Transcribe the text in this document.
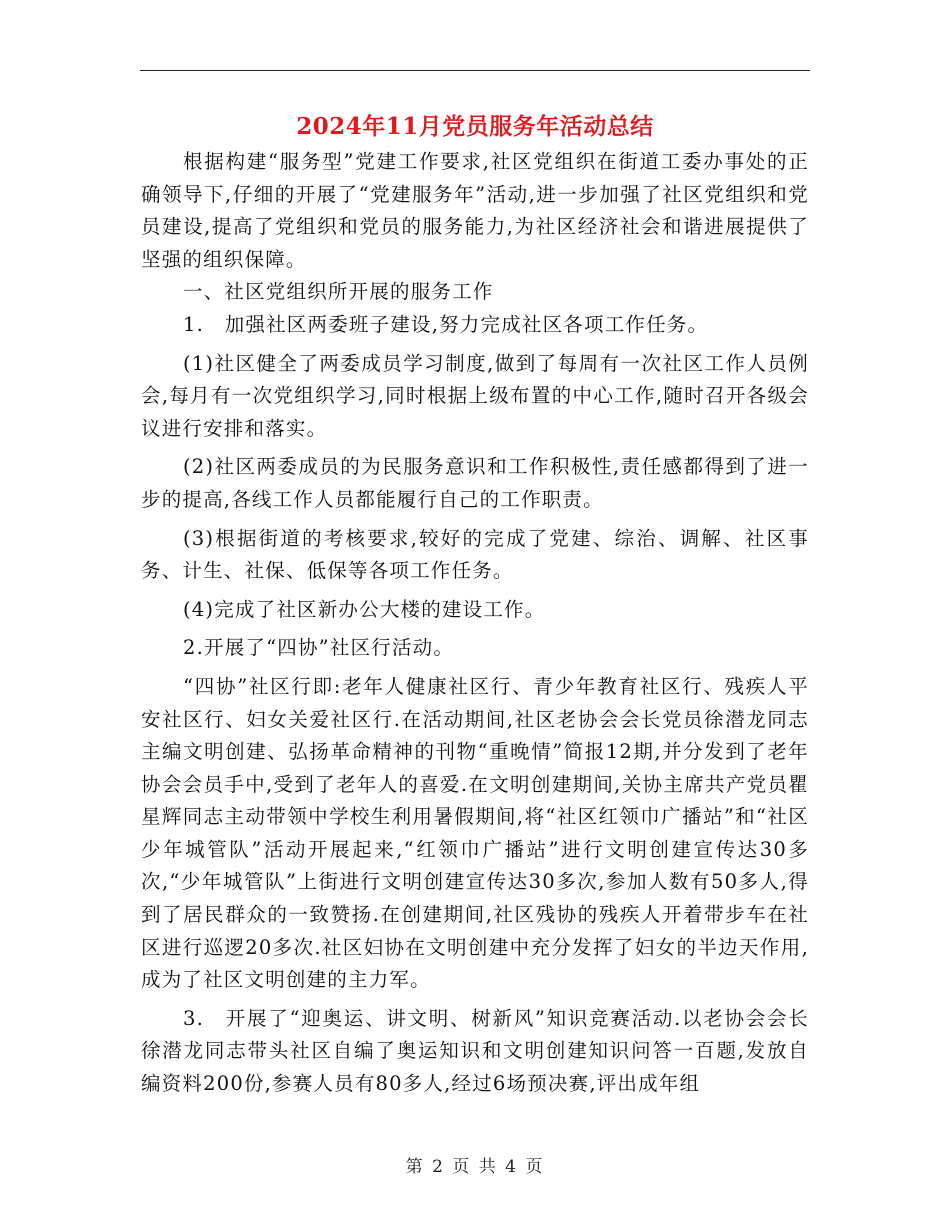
2024年11月党员服务年活动总结

根据构建“服务型”党建工作要求,社区党组织在街道工委办事处的正确领导下,仔细的开展了“党建服务年”活动,进一步加强了社区党组织和党员建设,提高了党组织和党员的服务能力,为社区经济社会和谐进展提供了坚强的组织保障。

一、社区党组织所开展的服务工作

1.　加强社区两委班子建设,努力完成社区各项工作任务。

(1)社区健全了两委成员学习制度,做到了每周有一次社区工作人员例会,每月有一次党组织学习,同时根据上级布置的中心工作,随时召开各级会议进行安排和落实。

(2)社区两委成员的为民服务意识和工作积极性,责任感都得到了进一步的提高,各线工作人员都能履行自己的工作职责。

(3)根据街道的考核要求,较好的完成了党建、综治、调解、社区事务、计生、社保、低保等各项工作任务。

(4)完成了社区新办公大楼的建设工作。

2.开展了“四协”社区行活动。

“四协”社区行即:老年人健康社区行、青少年教育社区行、残疾人平安社区行、妇女关爱社区行.在活动期间,社区老协会会长党员徐潜龙同志主编文明创建、弘扬革命精神的刊物“重晚情”简报12期,并分发到了老年协会会员手中,受到了老年人的喜爱.在文明创建期间,关协主席共产党员瞿星辉同志主动带领中学校生利用暑假期间,将“社区红领巾广播站”和“社区少年城管队”活动开展起来,“红领巾广播站”进行文明创建宣传达30多次,“少年城管队”上街进行文明创建宣传达30多次,参加人数有50多人,得到了居民群众的一致赞扬.在创建期间,社区残协的残疾人开着带步车在社区进行巡逻20多次.社区妇协在文明创建中充分发挥了妇女的半边天作用,成为了社区文明创建的主力军。

3.　开展了“迎奥运、讲文明、树新风”知识竞赛活动.以老协会会长徐潜龙同志带头社区自编了奥运知识和文明创建知识问答一百题,发放自编资料200份,参赛人员有80多人,经过6场预决赛,评出成年组

第 2 页 共 4 页
